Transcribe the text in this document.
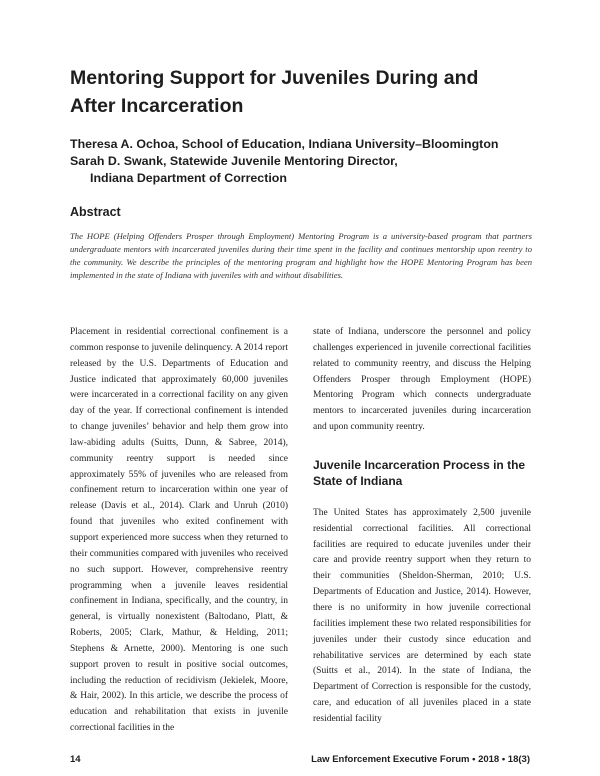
Mentoring Support for Juveniles During and
After Incarceration
Theresa A. Ochoa, School of Education, Indiana University–Bloomington
Sarah D. Swank, Statewide Juvenile Mentoring Director,
Indiana Department of Correction
Abstract
The HOPE (Helping Offenders Prosper through Employment) Mentoring Program is a university-based program that partners undergraduate mentors with incarcerated juveniles during their time spent in the facility and continues mentorship upon reentry to the community. We describe the principles of the mentoring program and highlight how the HOPE Mentoring Program has been implemented in the state of Indiana with juveniles with and without disabilities.

Placement in residential correctional confinement is a common response to juvenile delinquency. A 2014 report released by the U.S. Departments of Education and Justice indicated that approximately 60,000 juveniles were incarcerated in a correctional facility on any given day of the year. If correctional confinement is intended to change juveniles’ behavior and help them grow into law-abiding adults (Suitts, Dunn, & Sabree, 2014), community reentry support is needed since approximately 55% of juveniles who are released from confinement return to incarceration within one year of release (Davis et al., 2014). Clark and Unruh (2010) found that juveniles who exited confinement with support experienced more success when they returned to their communities compared with juveniles who received no such support. However, comprehensive reentry programming when a juvenile leaves residential confinement in Indiana, specifically, and the country, in general, is virtually nonexistent (Baltodano, Platt, & Roberts, 2005; Clark, Mathur, & Helding, 2011; Stephens & Arnette, 2000). Mentoring is one such support proven to result in positive social outcomes, including the reduction of recidivism (Jekielek, Moore, & Hair, 2002). In this article, we describe the process of education and rehabilitation that exists in juvenile correctional facilities in the

state of Indiana, underscore the personnel and policy challenges experienced in juvenile correctional facilities related to community reentry, and discuss the Helping Offenders Prosper through Employment (HOPE) Mentoring Program which connects undergraduate mentors to incarcerated juveniles during incarceration and upon community reentry.

Juvenile Incarceration Process in the State of Indiana

The United States has approximately 2,500 juvenile residential correctional facilities. All correctional facilities are required to educate juveniles under their care and provide reentry support when they return to their communities (Sheldon-Sherman, 2010; U.S. Departments of Education and Justice, 2014). However, there is no uniformity in how juvenile correctional facilities implement these two related responsibilities for juveniles under their custody since education and rehabilitative services are determined by each state (Suitts et al., 2014). In the state of Indiana, the Department of Correction is responsible for the custody, care, and education of all juveniles placed in a state residential facility

14	Law Enforcement Executive Forum • 2018 • 18(3)
